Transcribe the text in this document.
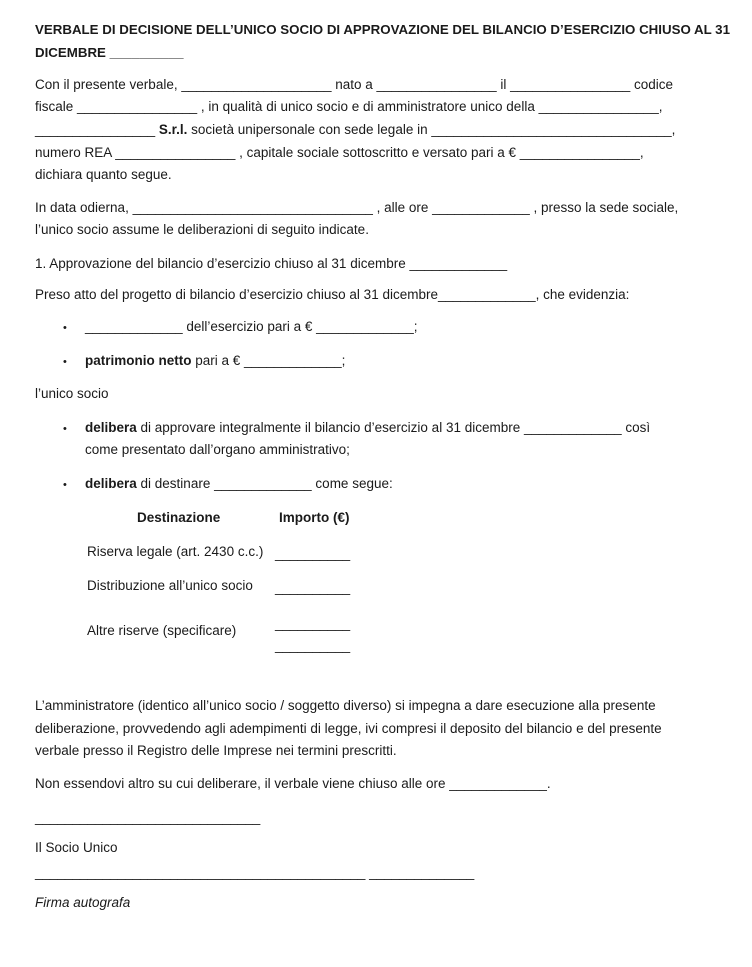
VERBALE DI DECISIONE DELL’UNICO SOCIO DI APPROVAZIONE DEL BILANCIO D’ESERCIZIO CHIUSO AL 31
DICEMBRE __________
Con il presente verbale, ____________________ nato a ________________ il ________________ codice
fiscale ________________ , in qualità di unico socio e di amministratore unico della ________________,
________________ S.r.l. società unipersonale con sede legale in ________________________________,
numero REA ________________ , capitale sociale sottoscritto e versato pari a € ________________,
dichiara quanto segue.
In data odierna, ________________________________ , alle ore _____________ , presso la sede sociale,
l’unico socio assume le deliberazioni di seguito indicate.
1. Approvazione del bilancio d’esercizio chiuso al 31 dicembre _____________
Preso atto del progetto di bilancio d’esercizio chiuso al 31 dicembre_____________, che evidenzia:
• _____________ dell’esercizio pari a € _____________;
• patrimonio netto pari a € _____________;
l’unico socio
• delibera di approvare integralmente il bilancio d’esercizio al 31 dicembre _____________ così
come presentato dall’organo amministrativo;
• delibera di destinare _____________ come segue:
Destinazione	Importo (€)
Riserva legale (art. 2430 c.c.) __________
Distribuzione all’unico socio __________
Altre riserve (specificare)	__________
__________
L’amministratore (identico all’unico socio / soggetto diverso) si impegna a dare esecuzione alla presente
deliberazione, provvedendo agli adempimenti di legge, ivi compresi il deposito del bilancio e del presente
verbale presso il Registro delle Imprese nei termini prescritti.
Non essendovi altro su cui deliberare, il verbale viene chiuso alle ore _____________.
______________________________
Il Socio Unico
____________________________________________ ______________
Firma autografa
